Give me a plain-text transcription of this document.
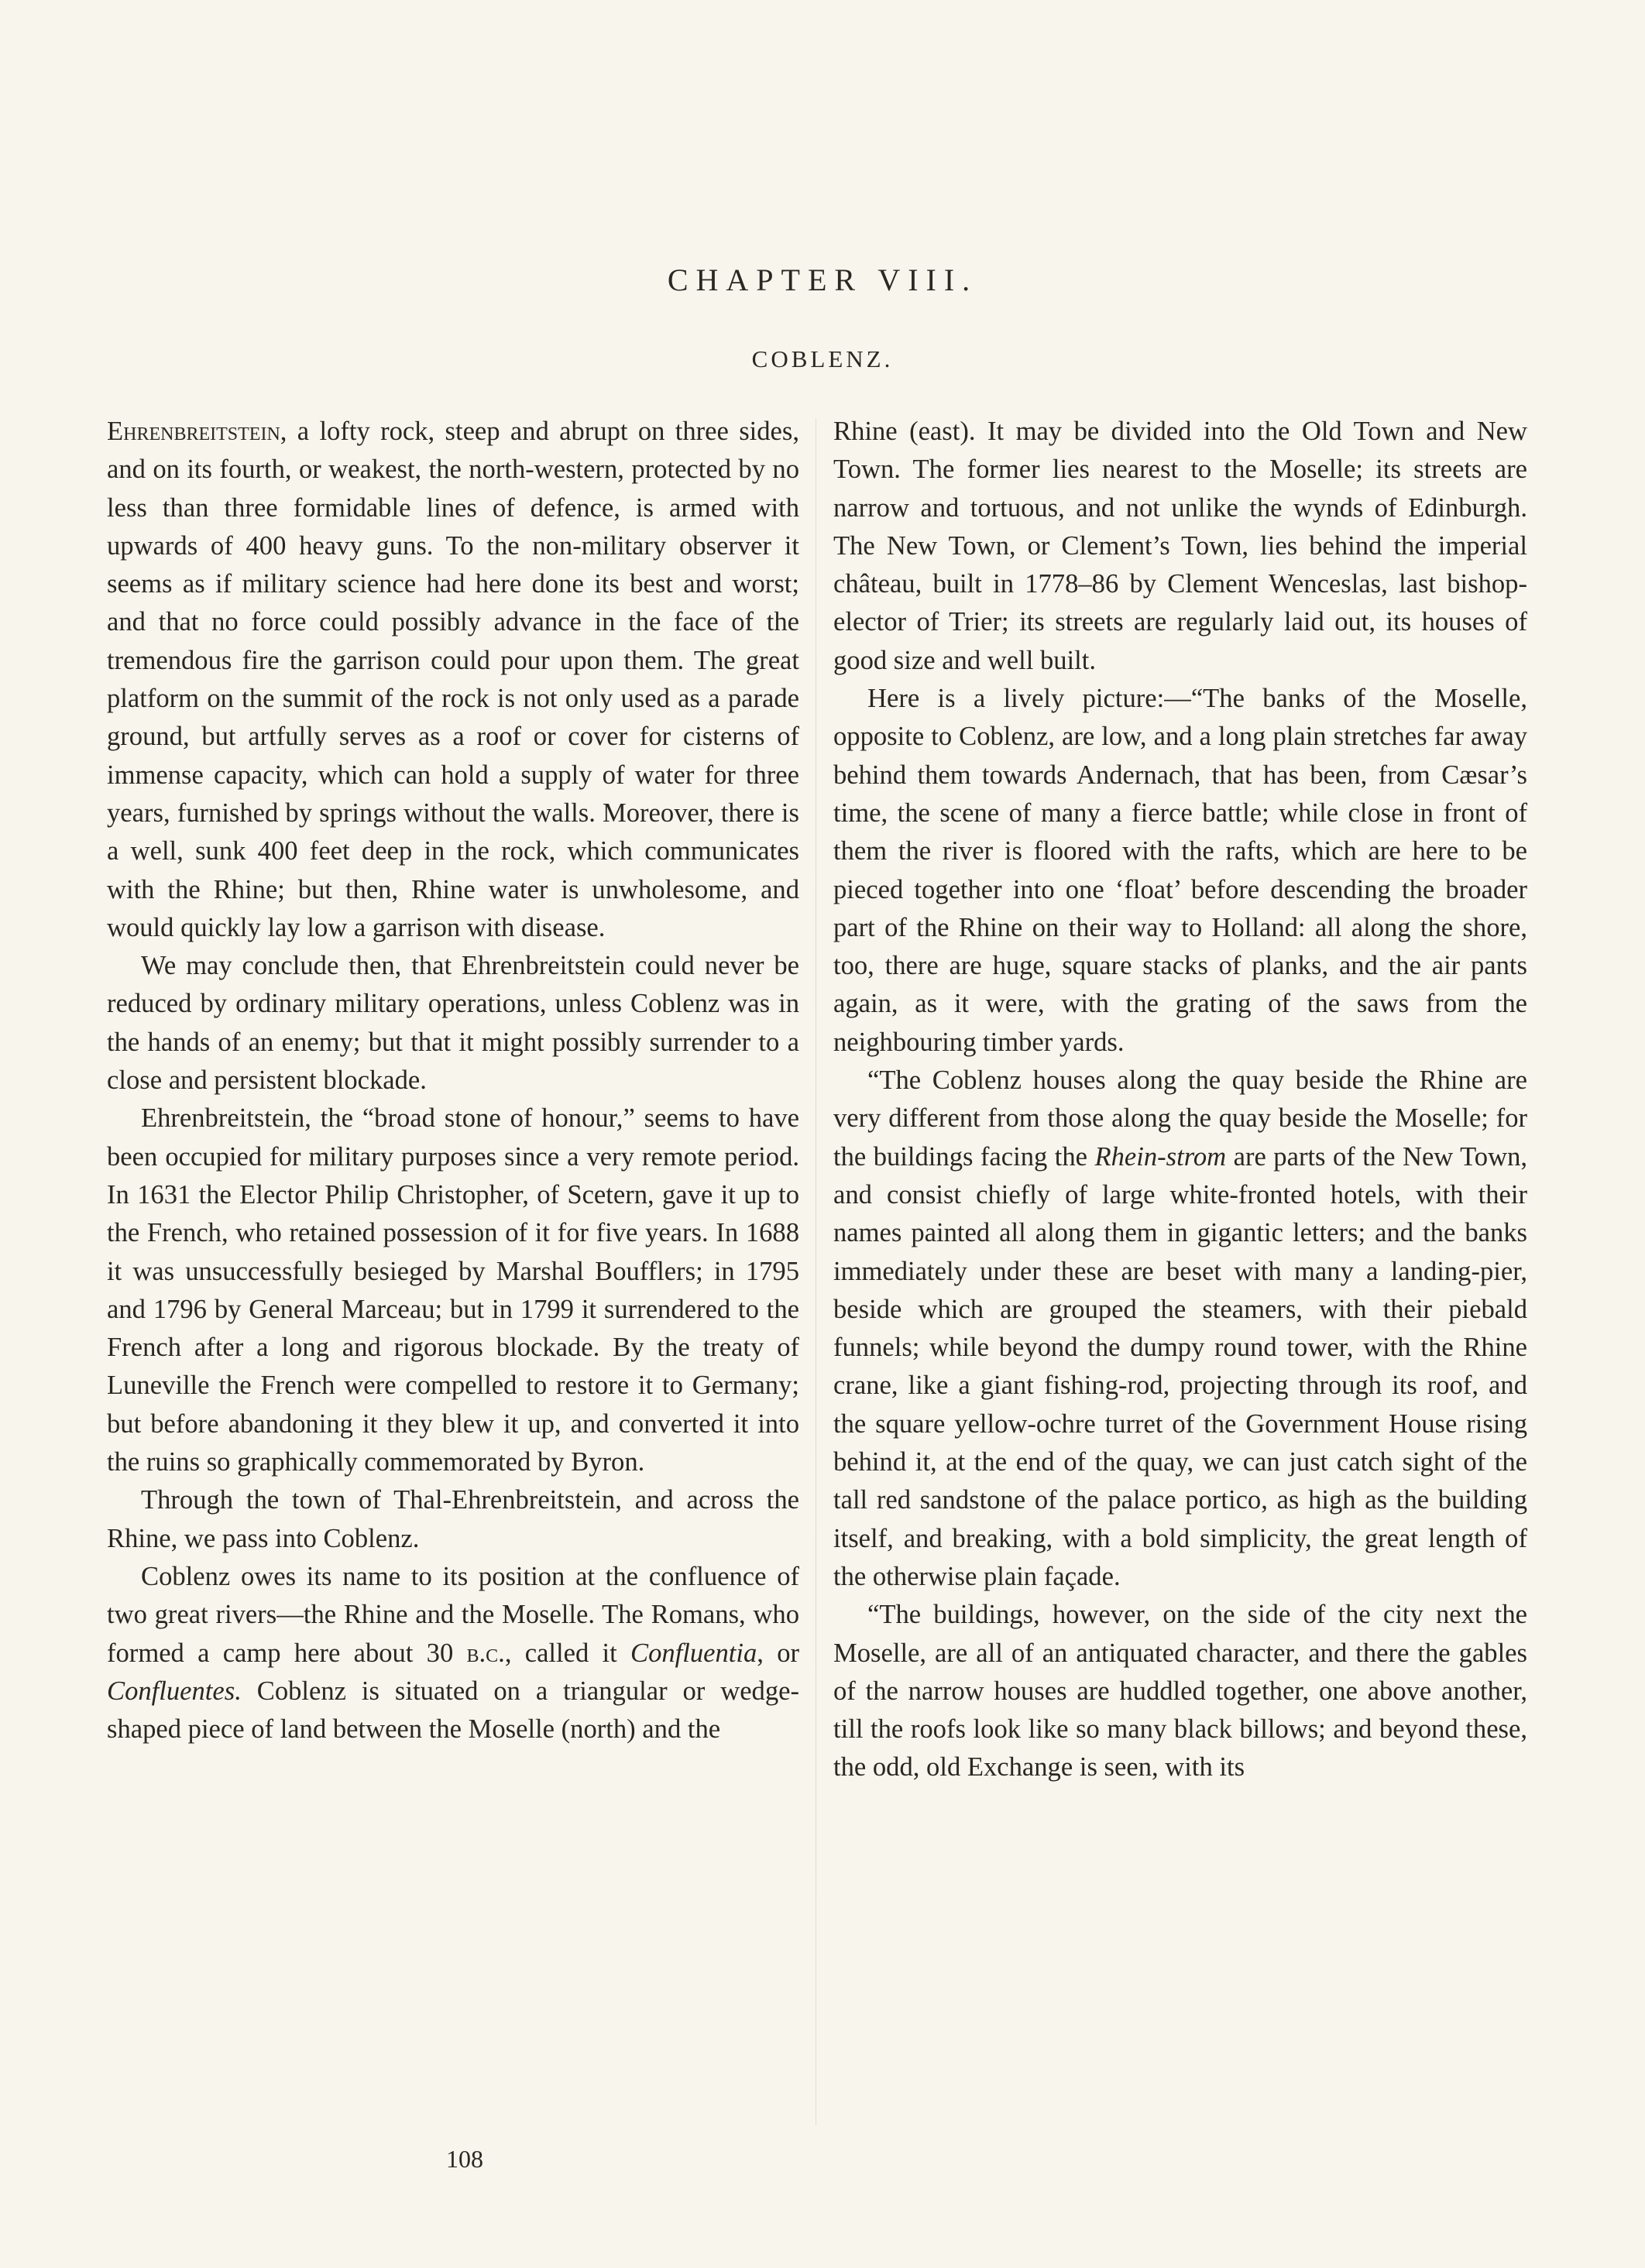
CHAPTER VIII.
COBLENZ.

Ehrenbreitstein, a lofty rock, steep and abrupt on three sides, and on its fourth, or weakest, the north-western, protected by no less than three formidable lines of defence, is armed with upwards of 400 heavy guns. To the non-military observer it seems as if military science had here done its best and worst; and that no force could possibly advance in the face of the tremendous fire the garrison could pour upon them. The great platform on the summit of the rock is not only used as a parade ground, but artfully serves as a roof or cover for cisterns of immense capacity, which can hold a supply of water for three years, furnished by springs without the walls. Moreover, there is a well, sunk 400 feet deep in the rock, which communicates with the Rhine; but then, Rhine water is unwholesome, and would quickly lay low a garrison with disease.

We may conclude then, that Ehrenbreitstein could never be reduced by ordinary military operations, unless Coblenz was in the hands of an enemy; but that it might possibly surrender to a close and persistent blockade.

Ehrenbreitstein, the “broad stone of honour,” seems to have been occupied for military purposes since a very remote period. In 1631 the Elector Philip Christopher, of Scetern, gave it up to the French, who retained possession of it for five years. In 1688 it was unsuccessfully besieged by Marshal Boufflers; in 1795 and 1796 by General Marceau; but in 1799 it surrendered to the French after a long and rigorous blockade. By the treaty of Luneville the French were compelled to restore it to Germany; but before abandoning it they blew it up, and converted it into the ruins so graphically commemorated by Byron.

Through the town of Thal-Ehrenbreitstein, and across the Rhine, we pass into Coblenz.

Coblenz owes its name to its position at the confluence of two great rivers—the Rhine and the Moselle. The Romans, who formed a camp here about 30 b.c., called it Confluentia, or Confluentes. Coblenz is situated on a triangular or wedge-shaped piece of land between the Moselle (north) and the

Rhine (east). It may be divided into the Old Town and New Town. The former lies nearest to the Moselle; its streets are narrow and tortuous, and not unlike the wynds of Edinburgh. The New Town, or Clement’s Town, lies behind the imperial château, built in 1778–86 by Clement Wenceslas, last bishop-elector of Trier; its streets are regularly laid out, its houses of good size and well built.

Here is a lively picture:—“The banks of the Moselle, opposite to Coblenz, are low, and a long plain stretches far away behind them towards Andernach, that has been, from Cæsar’s time, the scene of many a fierce battle; while close in front of them the river is floored with the rafts, which are here to be pieced together into one ‘float’ before descending the broader part of the Rhine on their way to Holland: all along the shore, too, there are huge, square stacks of planks, and the air pants again, as it were, with the grating of the saws from the neighbouring timber yards.

“The Coblenz houses along the quay beside the Rhine are very different from those along the quay beside the Moselle; for the buildings facing the Rhein-strom are parts of the New Town, and consist chiefly of large white-fronted hotels, with their names painted all along them in gigantic letters; and the banks immediately under these are beset with many a landing-pier, beside which are grouped the steamers, with their piebald funnels; while beyond the dumpy round tower, with the Rhine crane, like a giant fishing-rod, projecting through its roof, and the square yellow-ochre turret of the Government House rising behind it, at the end of the quay, we can just catch sight of the tall red sandstone of the palace portico, as high as the building itself, and breaking, with a bold simplicity, the great length of the otherwise plain façade.

“The buildings, however, on the side of the city next the Moselle, are all of an antiquated character, and there the gables of the narrow houses are huddled together, one above another, till the roofs look like so many black billows; and beyond these, the odd, old Exchange is seen, with its

108
